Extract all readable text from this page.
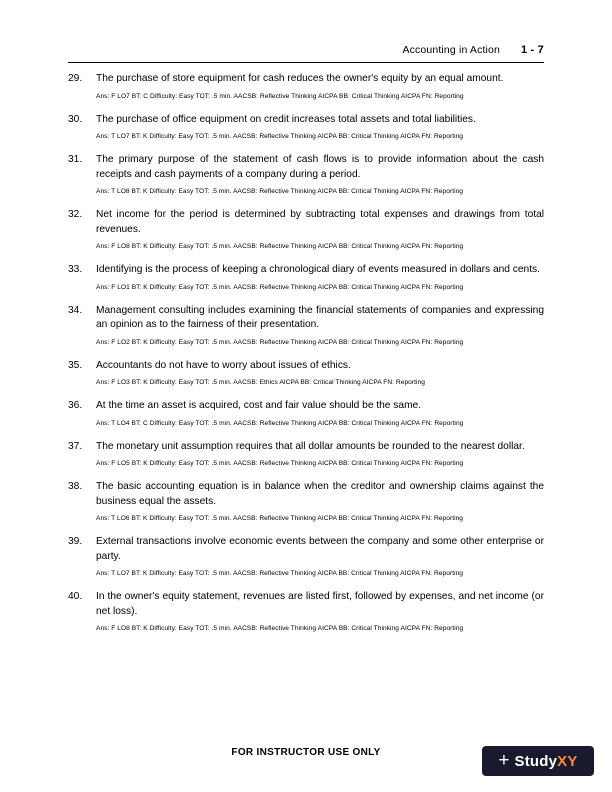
Accounting in Action	1 - 7
29.	The purchase of store equipment for cash reduces the owner's equity by an equal amount.

Ans: F LO7 BT: C Difficulty: Easy TOT: .5 min. AACSB: Reflective Thinking AICPA BB: Critical Thinking AICPA FN: Reporting

30.	The purchase of office equipment on credit increases total assets and total liabilities.

Ans: T LO7 BT: K Difficulty: Easy TOT: .5 min. AACSB: Reflective Thinking AICPA BB: Critical Thinking AICPA FN: Reporting

31.	The primary purpose of the statement of cash flows is to provide information about the cash receipts and cash payments of a company during a period.

Ans: T LO8 BT: K Difficulty: Easy TOT: .5 min. AACSB: Reflective Thinking AICPA BB: Critical Thinking AICPA FN: Reporting

32.	Net income for the period is determined by subtracting total expenses and drawings from total revenues.

Ans: F LO8 BT: K Difficulty: Easy TOT: .5 min. AACSB: Reflective Thinking AICPA BB: Critical Thinking AICPA FN: Reporting

33.	Identifying is the process of keeping a chronological diary of events measured in dollars and cents.

Ans: F LO1 BT: K Difficulty: Easy TOT: .5 min. AACSB: Reflective Thinking AICPA BB: Critical Thinking AICPA FN: Reporting

34.	Management consulting includes examining the financial statements of companies and expressing an opinion as to the fairness of their presentation.

Ans: F LO2 BT: K Difficulty: Easy TOT: .5 min. AACSB: Reflective Thinking AICPA BB: Critical Thinking AICPA FN: Reporting

35.	Accountants do not have to worry about issues of ethics.

Ans: F LO3 BT: K Difficulty: Easy TOT: .5 min. AACSB: Ethics AICPA BB: Critical Thinking AICPA FN: Reporting

36.	At the time an asset is acquired, cost and fair value should be the same.

Ans: T LO4 BT: C Difficulty: Easy TOT: .5 min. AACSB: Reflective Thinking AICPA BB: Critical Thinking AICPA FN: Reporting

37.	The monetary unit assumption requires that all dollar amounts be rounded to the nearest dollar.

Ans: F LO5 BT: K Difficulty: Easy TOT: .5 min. AACSB: Reflective Thinking AICPA BB: Critical Thinking AICPA FN: Reporting

38.	The basic accounting equation is in balance when the creditor and ownership claims against the business equal the assets.

Ans: T LO6 BT: K Difficulty: Easy TOT: .5 min. AACSB: Reflective Thinking AICPA BB: Critical Thinking AICPA FN: Reporting

39.	External transactions involve economic events between the company and some other enterprise or party.

Ans: T LO7 BT: K Difficulty: Easy TOT: .5 min. AACSB: Reflective Thinking AICPA BB: Critical Thinking AICPA FN: Reporting

40.	In the owner's equity statement, revenues are listed first, followed by expenses, and net income (or net loss).

Ans: F LO8 BT: K Difficulty: Easy TOT: .5 min. AACSB: Reflective Thinking AICPA BB: Critical Thinking AICPA FN: Reporting

FOR INSTRUCTOR USE ONLY	+ StudyXY
